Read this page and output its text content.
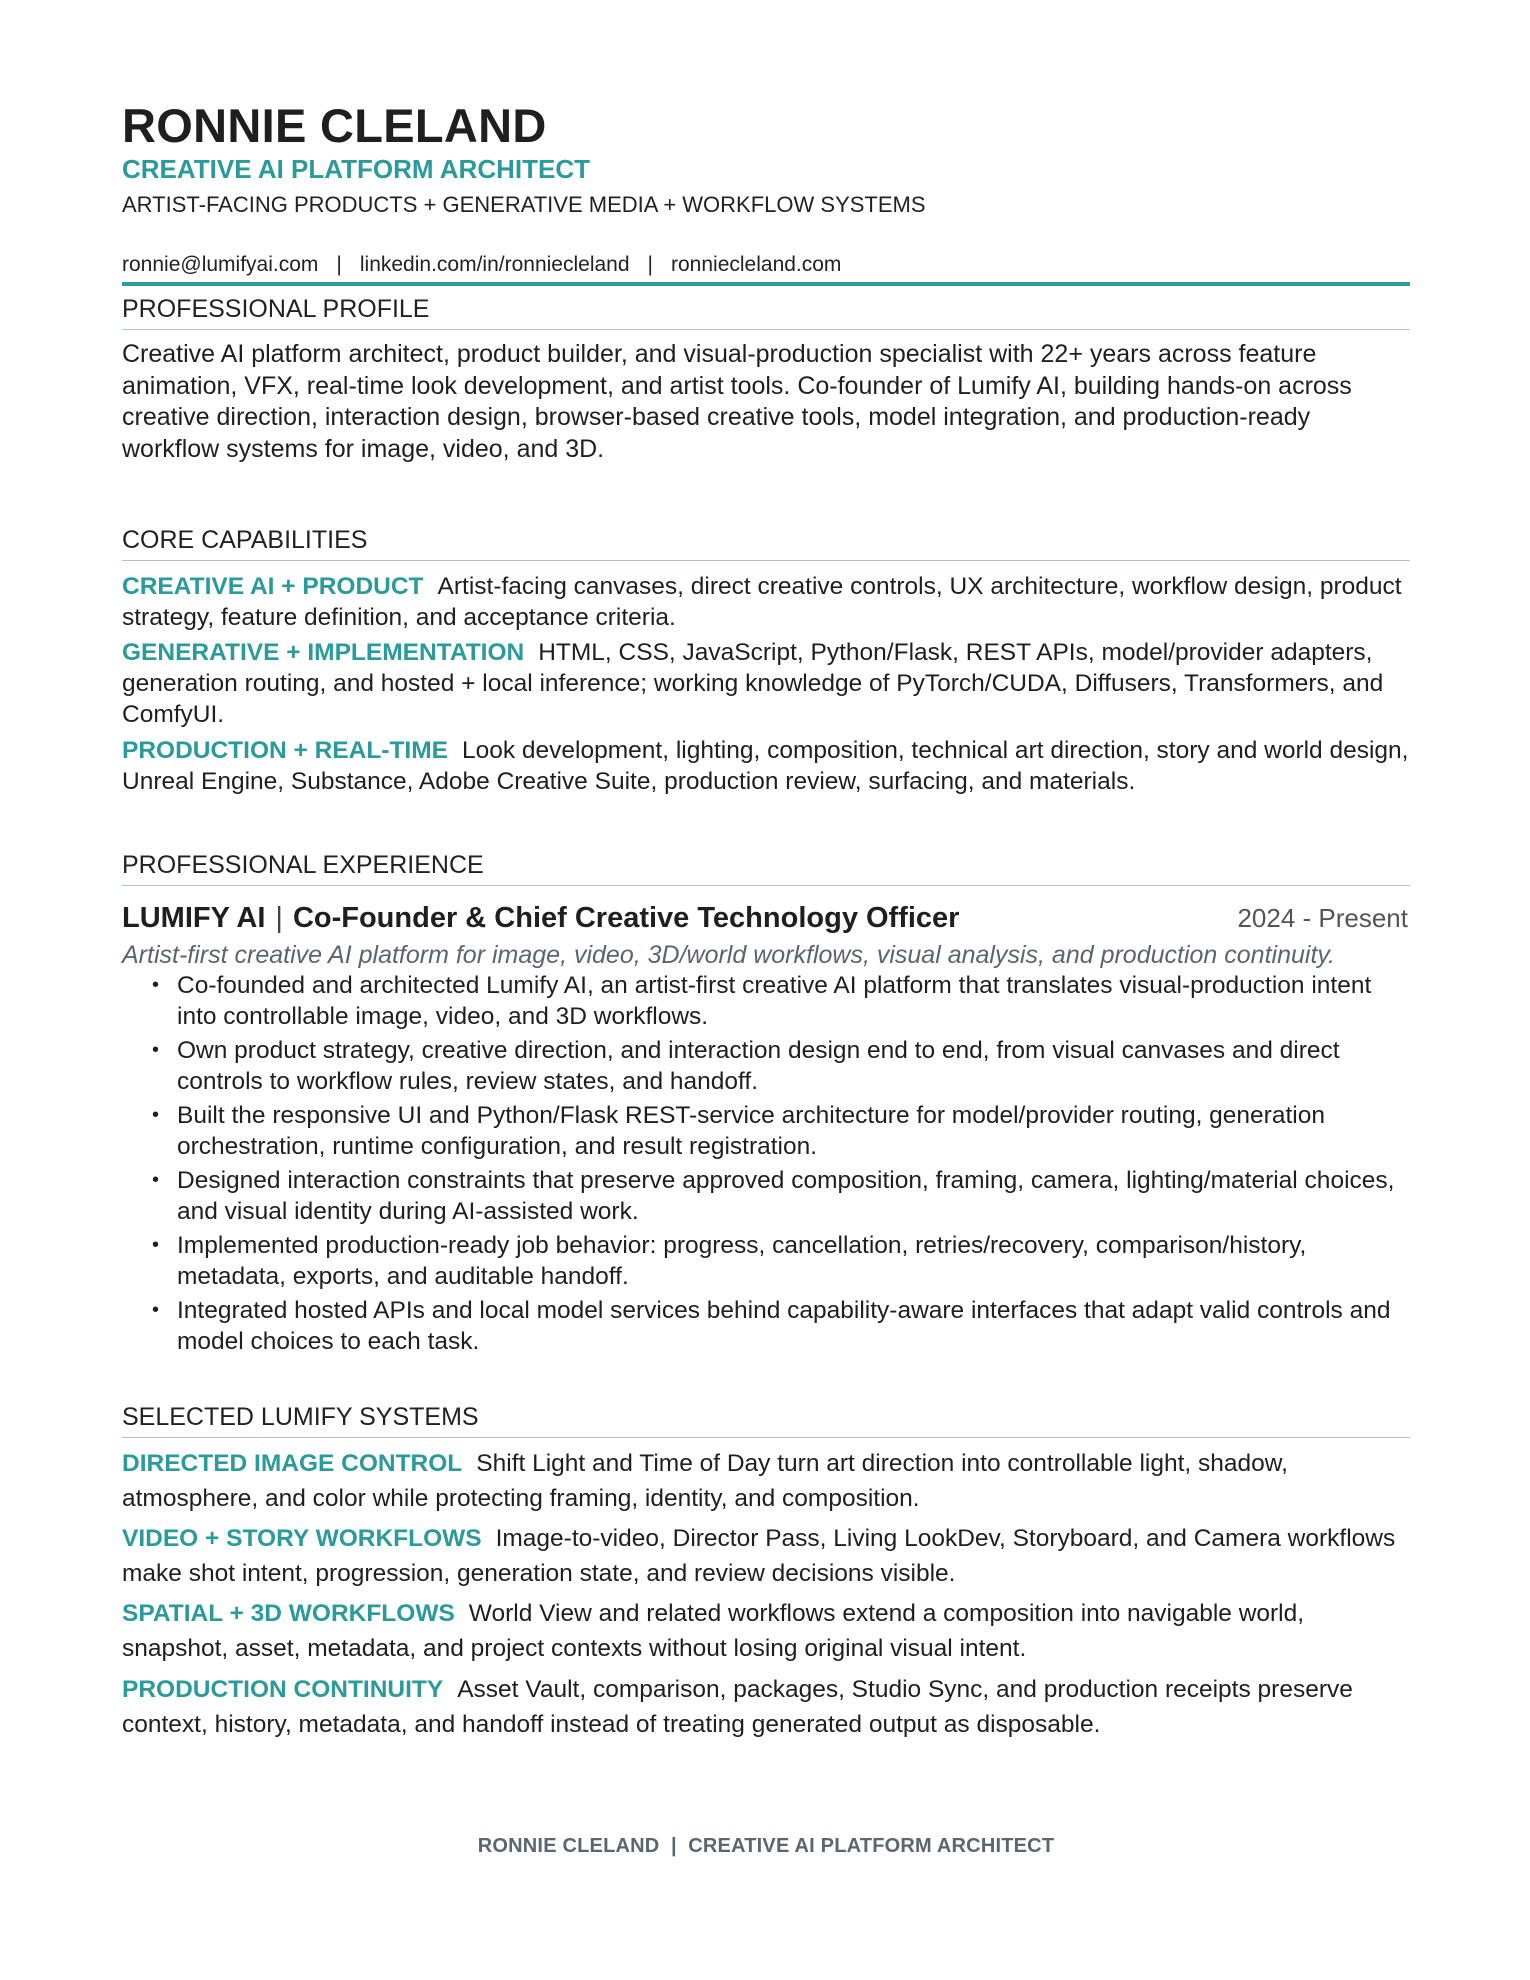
RONNIE CLELAND
CREATIVE AI PLATFORM ARCHITECT
ARTIST-FACING PRODUCTS + GENERATIVE MEDIA + WORKFLOW SYSTEMS
ronnie@lumifyai.com | linkedin.com/in/ronniecleland | ronniecleland.com
PROFESSIONAL PROFILE

Creative AI platform architect, product builder, and visual-production specialist with 22+ years across feature animation, VFX, real-time look development, and artist tools. Co-founder of Lumify AI, building hands-on across creative direction, interaction design, browser-based creative tools, model integration, and production-ready workflow systems for image, video, and 3D.

CORE CAPABILITIES

CREATIVE AI + PRODUCT Artist-facing canvases, direct creative controls, UX architecture, workflow design, product strategy, feature definition, and acceptance criteria.

GENERATIVE + IMPLEMENTATION HTML, CSS, JavaScript, Python/Flask, REST APIs, model/provider adapters, generation routing, and hosted + local inference; working knowledge of PyTorch/CUDA, Diffusers, Transformers, and ComfyUI.

PRODUCTION + REAL-TIME Look development, lighting, composition, technical art direction, story and world design, Unreal Engine, Substance, Adobe Creative Suite, production review, surfacing, and materials.

PROFESSIONAL EXPERIENCE
LUMIFY AI | Co-Founder & Chief Creative Technology Officer	2024 - Present
Artist-first creative AI platform for image, video, 3D/world workflows, visual analysis, and production continuity.
• Co-founded and architected Lumify AI, an artist-first creative AI platform that translates visual-production intent into controllable image, video, and 3D workflows.
• Own product strategy, creative direction, and interaction design end to end, from visual canvases and direct controls to workflow rules, review states, and handoff.
• Built the responsive UI and Python/Flask REST-service architecture for model/provider routing, generation orchestration, runtime configuration, and result registration.
• Designed interaction constraints that preserve approved composition, framing, camera, lighting/material choices, and visual identity during AI-assisted work.
• Implemented production-ready job behavior: progress, cancellation, retries/recovery, comparison/history, metadata, exports, and auditable handoff.
• Integrated hosted APIs and local model services behind capability-aware interfaces that adapt valid controls and model choices to each task.
SELECTED LUMIFY SYSTEMS

DIRECTED IMAGE CONTROL Shift Light and Time of Day turn art direction into controllable light, shadow, atmosphere, and color while protecting framing, identity, and composition.

VIDEO + STORY WORKFLOWS Image-to-video, Director Pass, Living LookDev, Storyboard, and Camera workflows make shot intent, progression, generation state, and review decisions visible.

SPATIAL + 3D WORKFLOWS World View and related workflows extend a composition into navigable world, snapshot, asset, metadata, and project contexts without losing original visual intent.

PRODUCTION CONTINUITY Asset Vault, comparison, packages, Studio Sync, and production receipts preserve context, history, metadata, and handoff instead of treating generated output as disposable.

RONNIE CLELAND  |  CREATIVE AI PLATFORM ARCHITECT
